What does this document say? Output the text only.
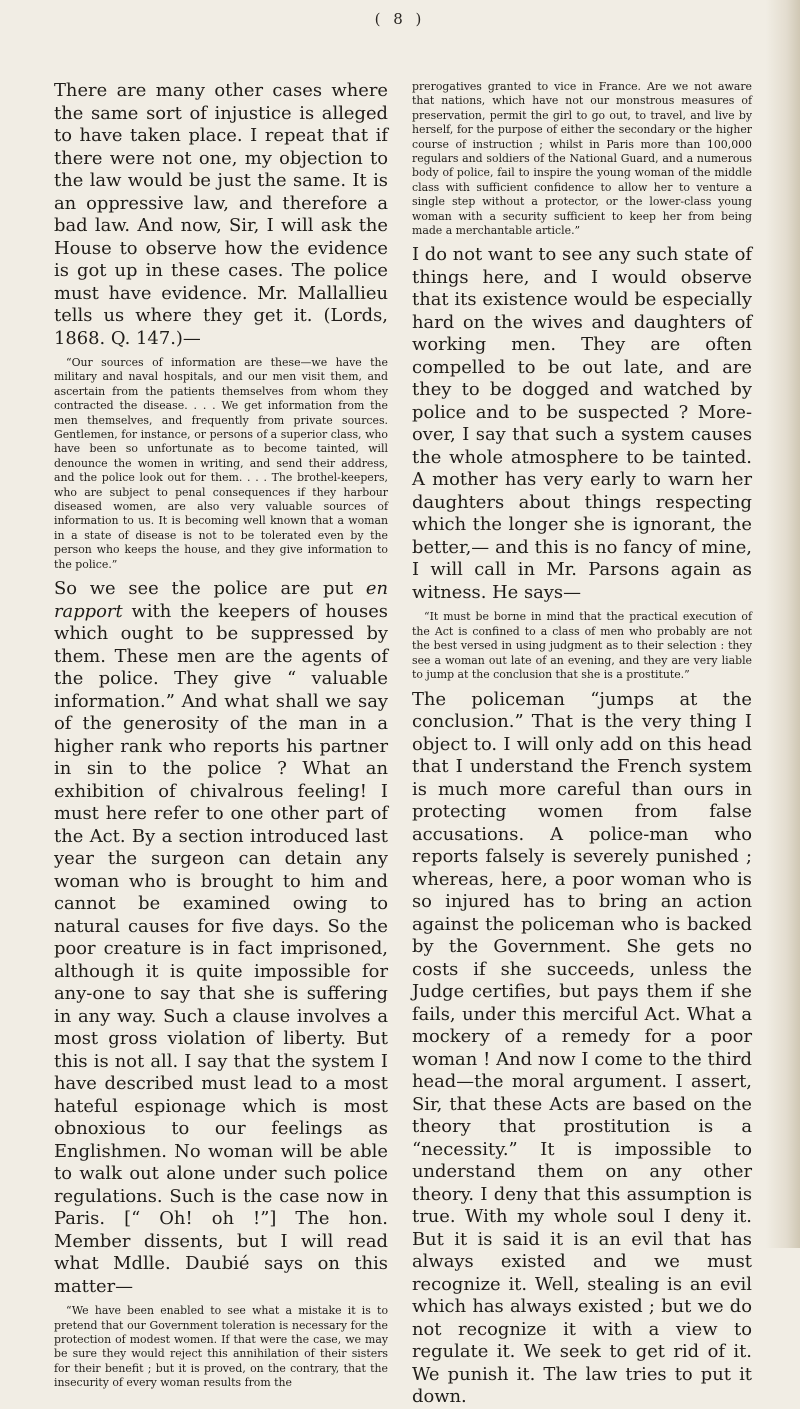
( 8 )

There are many other cases where the same sort of injustice is alleged to have taken place. I repeat that if there were not one, my objection to the law would be just the same. It is an oppressive law, and therefore a bad law. And now, Sir, I will ask the House to observe how the evidence is got up in these cases. The police must have evidence. Mr. Mallallieu tells us where they get it. (Lords, 1868. Q. 147.)—

“Our sources of information are these—we have the military and naval hospitals, and our men visit them, and ascertain from the patients themselves from whom they contracted the disease. . . . We get information from the men themselves, and frequently from private sources. Gentlemen, for instance, or persons of a superior class, who have been so unfortunate as to become tainted, will denounce the women in writing, and send their address, and the police look out for them. . . . The brothel-keepers, who are subject to penal consequences if they harbour diseased women, are also very valuable sources of information to us. It is becoming well known that a woman in a state of disease is not to be tolerated even by the person who keeps the house, and they give information to the police.”

So we see the police are put en rapport with the keepers of houses which ought to be suppressed by them. These men are the agents of the police. They give “ valuable information.” And what shall we say of the generosity of the man in a higher rank who reports his partner in sin to the police ? What an exhibition of chivalrous feeling! I must here refer to one other part of the Act. By a section introduced last year the surgeon can detain any woman who is brought to him and cannot be examined owing to natural causes for five days. So the poor creature is in fact imprisoned, although it is quite impossible for any-one to say that she is suffering in any way. Such a clause involves a most gross violation of liberty. But this is not all. I say that the system I have described must lead to a most hateful espionage which is most obnoxious to our feelings as Englishmen. No woman will be able to walk out alone under such police regulations. Such is the case now in Paris. [“ Oh! oh !”] The hon. Member dissents, but I will read what Mdlle. Daubié says on this matter—

“We have been enabled to see what a mistake it is to pretend that our Government toleration is necessary for the protection of modest women. If that were the case, we may be sure they would reject this annihilation of their sisters for their benefit ; but it is proved, on the contrary, that the insecurity of every woman results from the

prerogatives granted to vice in France. Are we not aware that nations, which have not our monstrous measures of preservation, permit the girl to go out, to travel, and live by herself, for the purpose of either the secondary or the higher course of instruction ; whilst in Paris more than 100,000 regulars and soldiers of the National Guard, and a numerous body of police, fail to inspire the young woman of the middle class with sufficient confidence to allow her to venture a single step without a protector, or the lower-class young woman with a security sufficient to keep her from being made a merchantable article.”

I do not want to see any such state of things here, and I would observe that its existence would be especially hard on the wives and daughters of working men. They are often compelled to be out late, and are they to be dogged and watched by police and to be suspected ? More-over, I say that such a system causes the whole atmosphere to be tainted. A mother has very early to warn her daughters about things respecting which the longer she is ignorant, the better,— and this is no fancy of mine, I will call in Mr. Parsons again as witness. He says—

“It must be borne in mind that the practical execution of the Act is confined to a class of men who probably are not the best versed in using judgment as to their selection : they see a woman out late of an evening, and they are very liable to jump at the conclusion that she is a prostitute.”

The policeman “jumps at the conclusion.” That is the very thing I object to. I will only add on this head that I understand the French system is much more careful than ours in protecting women from false accusations. A police-man who reports falsely is severely punished ; whereas, here, a poor woman who is so injured has to bring an action against the policeman who is backed by the Government. She gets no costs if she succeeds, unless the Judge certifies, but pays them if she fails, under this merciful Act. What a mockery of a remedy for a poor woman ! And now I come to the third head—the moral argument. I assert, Sir, that these Acts are based on the theory that prostitution is a “necessity.” It is impossible to understand them on any other theory. I deny that this assumption is true. With my whole soul I deny it. But it is said it is an evil that has always existed and we must recognize it. Well, stealing is an evil which has always existed ; but we do not recognize it with a view to regulate it. We seek to get rid of it. We punish it. The law tries to put it down.
